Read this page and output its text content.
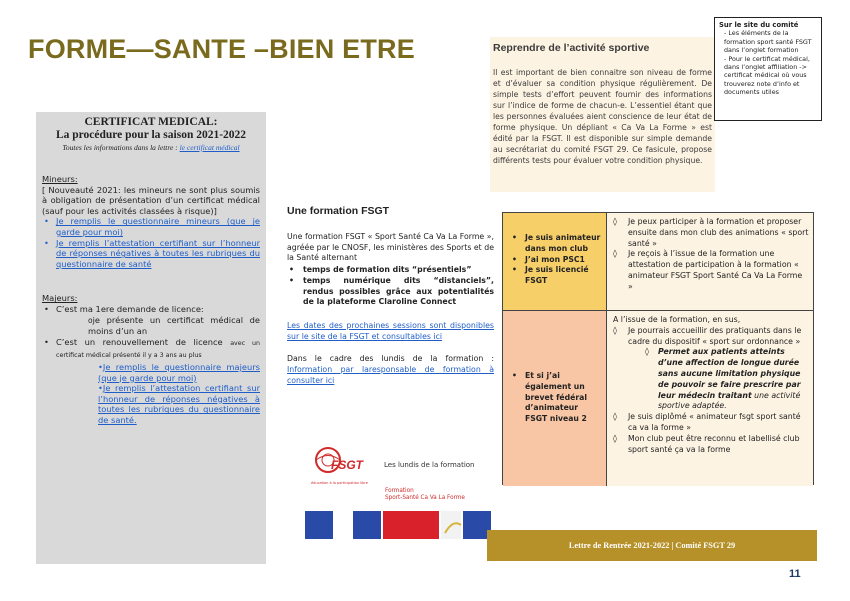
FORME—SANTE –BIEN ETRE
CERTIFICAT MEDICAL:
La procédure pour la saison 2021-2022
Toutes les informations dans la lettre : le certificat médical
Mineurs:
[ Nouveauté 2021: les mineurs ne sont plus soumis à obligation de présentation d’un certificat médical (sauf pour les activités classées à risque)]
• Je remplis le questionnaire mineurs (que je garde pour moi)
• Je remplis l’attestation certifiant sur l’honneur de réponses négatives à toutes les rubriques du questionnaire de santé
Majeurs:
• C’est ma 1ere demande de licence:
o je présente un certificat médical de moins d’un an
• C’est un renouvellement de licence avec un certificat médical présenté il y a 3 ans au plus
• Je remplis le questionnaire majeurs (que je garde pour moi)
• Je remplis l’attestation certifiant sur l’honneur de réponses négatives à toutes les rubriques du questionnaire de santé.
Reprendre de l’activité sportive
Il est important de bien connaitre son niveau de forme et d’évaluer sa condition physique régulièrement. De simple tests d’effort peuvent fournir des informations sur l’indice de forme de chacun-e. L’essentiel étant que les personnes évaluées aient conscience de leur état de forme physique. Un dépliant « Ca Va La Forme » est édité par la FSGT. Il est disponible sur simple demande au secrétariat du comité FSGT 29. Ce fasicule, propose différents tests pour évaluer votre condition physique.
Sur le site du comité
- Les éléments de la formation sport santé FSGT dans l’onglet formation
- Pour le certificat médical, dans l’onglet affiliation -> certificat médical où vous trouverez note d’info et documents utiles
Une formation FSGT

Une formation FSGT « Sport Santé Ca Va La Forme », agréée par le CNOSF, les ministères des Sports et de la Santé alternant

• temps de formation dits “présentiels”
• temps numérique dits “distanciels”, rendus possibles grâce aux potentialités de la plateforme Claroline Connect

Les dates des prochaines sessions sont disponibles sur le site de la FSGT et consultables ici

Dans le cadre des lundis de la formation : Information par laresponsable de formation à consulter ici

• Je suis animateur dans mon club
• J’ai mon PSC1
• Je suis licencié FSGT
◊ Je peux participer à la formation et proposer ensuite dans mon club des animations « sport santé »
◊ Je reçois à l’issue de la formation une attestation de participation à la formation « animateur FSGT Sport Santé Ca Va La Forme »
• Et si j’ai également un brevet fédéral d’animateur FSGT niveau 2
A l’issue de la formation, en sus,
◊ Je pourrais accueillir des pratiquants dans le cadre du dispositif « sport sur ordonnance »
◊ Permet aux patients atteints d’une affection de longue durée sans aucune limitation physique de pouvoir se faire prescrire par leur médecin traitant une activité sportive adaptée.
◊ Je suis diplômé « animateur fsgt sport santé ca va la forme »
◊ Mon club peut être reconnu et labellisé club sport santé ça va la forme
FSGT
éducation à la participation libre
Les lundis de la formation
Formation
Sport-Santé Ca Va La Forme
Lettre de Rentrée 2021-2022 | Comité FSGT 29
11
